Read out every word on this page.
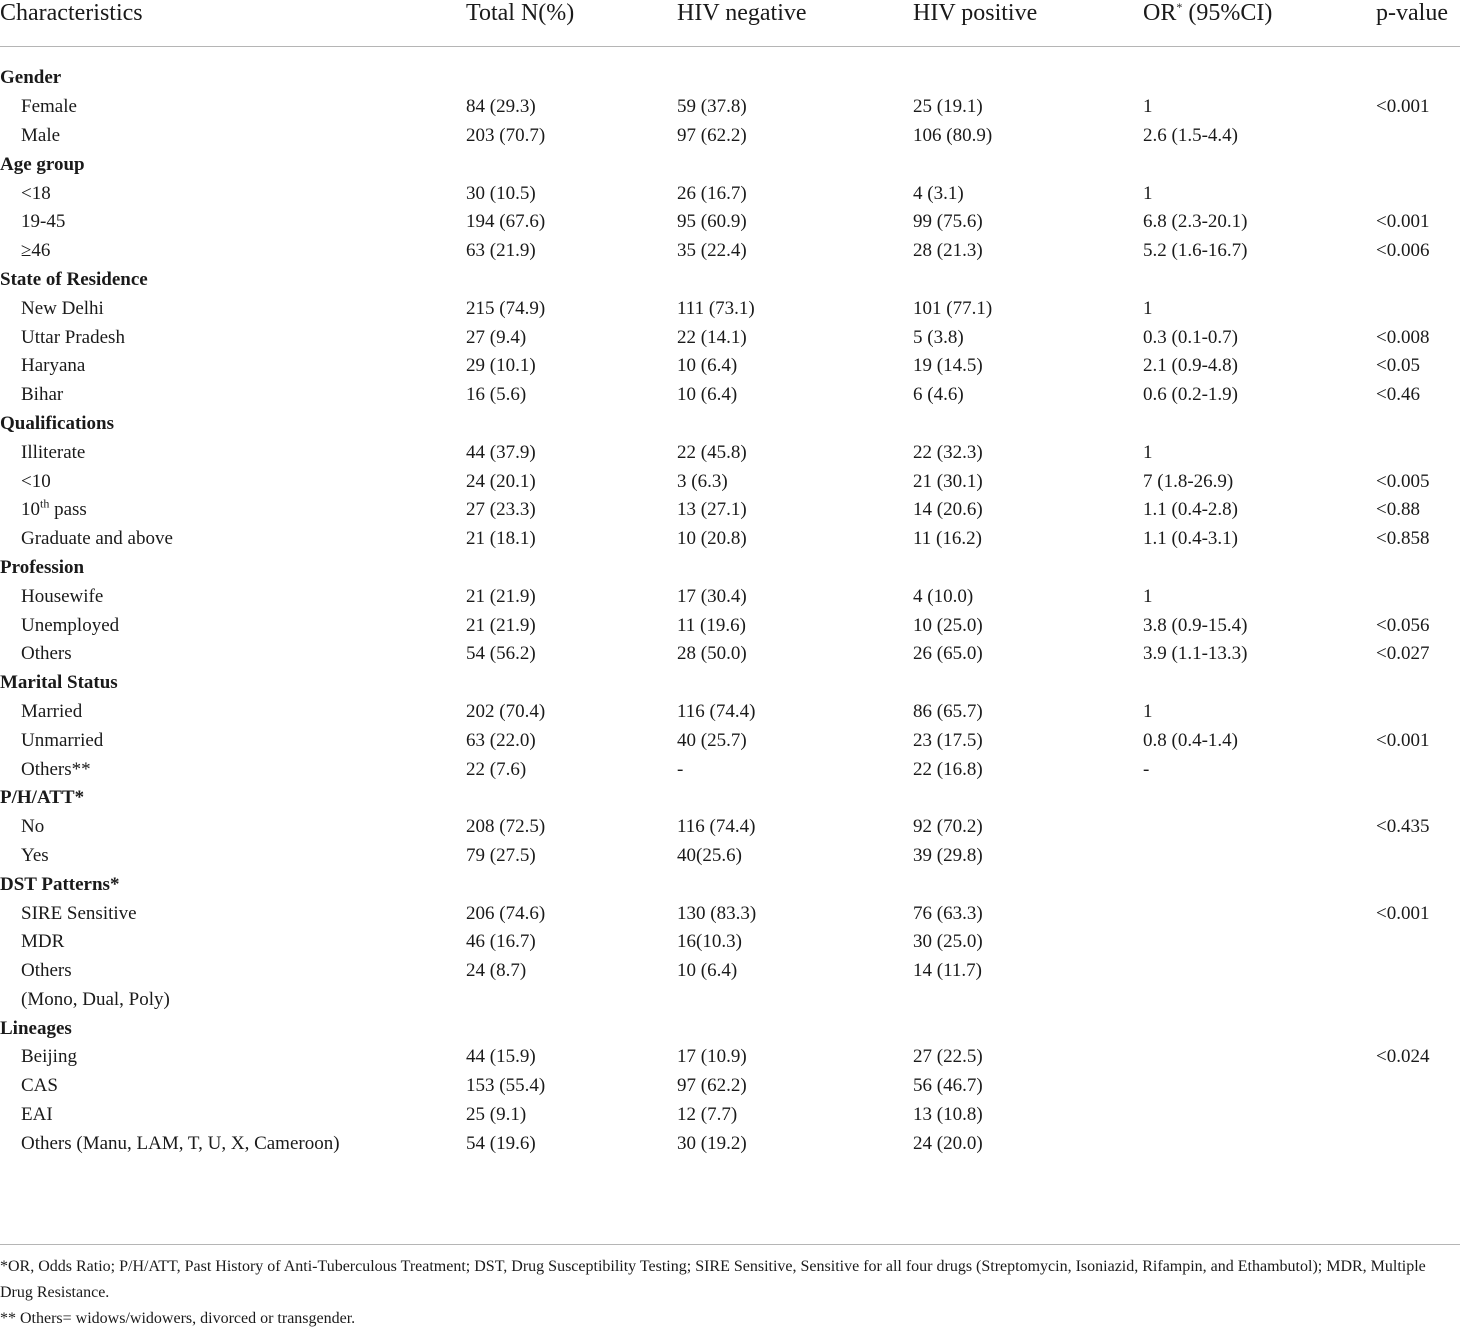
Characteristics	Total N(%)	HIV negative	HIV positive	OR* (95%CI)	p-value

Gender					
Female	84 (29.3)	59 (37.8)	25 (19.1)	1	<0.001
Male	203 (70.7)	97 (62.2)	106 (80.9)	2.6 (1.5-4.4)	
Age group					
<18	30 (10.5)	26 (16.7)	4 (3.1)	1	
19-45	194 (67.6)	95 (60.9)	99 (75.6)	6.8 (2.3-20.1)	<0.001
≥46	63 (21.9)	35 (22.4)	28 (21.3)	5.2 (1.6-16.7)	<0.006
State of Residence					
New Delhi	215 (74.9)	111 (73.1)	101 (77.1)	1	
Uttar Pradesh	27 (9.4)	22 (14.1)	5 (3.8)	0.3 (0.1-0.7)	<0.008
Haryana	29 (10.1)	10 (6.4)	19 (14.5)	2.1 (0.9-4.8)	<0.05
Bihar	16 (5.6)	10 (6.4)	6 (4.6)	0.6 (0.2-1.9)	<0.46
Qualifications					
Illiterate	44 (37.9)	22 (45.8)	22 (32.3)	1	
<10	24 (20.1)	3 (6.3)	21 (30.1)	7 (1.8-26.9)	<0.005
10th pass	27 (23.3)	13 (27.1)	14 (20.6)	1.1 (0.4-2.8)	<0.88
Graduate and above	21 (18.1)	10 (20.8)	11 (16.2)	1.1 (0.4-3.1)	<0.858
Profession					
Housewife	21 (21.9)	17 (30.4)	4 (10.0)	1	
Unemployed	21 (21.9)	11 (19.6)	10 (25.0)	3.8 (0.9-15.4)	<0.056
Others	54 (56.2)	28 (50.0)	26 (65.0)	3.9 (1.1-13.3)	<0.027
Marital Status					
Married	202 (70.4)	116 (74.4)	86 (65.7)	1	
Unmarried	63 (22.0)	40 (25.7)	23 (17.5)	0.8 (0.4-1.4)	<0.001
Others**	22 (7.6)	-	22 (16.8)	-	
P/H/ATT*					
No	208 (72.5)	116 (74.4)	92 (70.2)		<0.435
Yes	79 (27.5)	40(25.6)	39 (29.8)		
DST Patterns*					
SIRE Sensitive	206 (74.6)	130 (83.3)	76 (63.3)		<0.001
MDR	46 (16.7)	16(10.3)	30 (25.0)		
Others	24 (8.7)	10 (6.4)	14 (11.7)		
(Mono, Dual, Poly)					
Lineages					
Beijing	44 (15.9)	17 (10.9)	27 (22.5)		<0.024
CAS	153 (55.4)	97 (62.2)	56 (46.7)		
EAI	25 (9.1)	12 (7.7)	13 (10.8)		
Others (Manu, LAM, T, U, X, Cameroon)	54 (19.6)	30 (19.2)	24 (20.0)		

*OR, Odds Ratio; P/H/ATT, Past History of Anti-Tuberculous Treatment; DST, Drug Susceptibility Testing; SIRE Sensitive, Sensitive for all four drugs (Streptomycin, Isoniazid, Rifampin, and Ethambutol); MDR, Multiple Drug Resistance.

** Others= widows/widowers, divorced or transgender.
